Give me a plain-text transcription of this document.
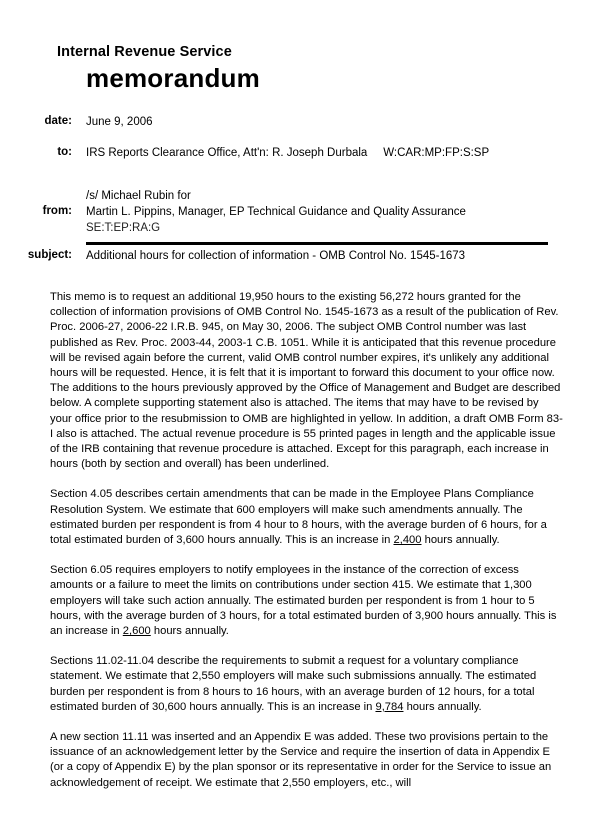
Internal Revenue Service
memorandum
date: June 9, 2006
to: IRS Reports Clearance Office, Att'n: R. Joseph Durbala     W:CAR:MP:FP:S:SP
from:
/s/ Michael Rubin for
Martin L. Pippins, Manager, EP Technical Guidance and Quality Assurance
SE:T:EP:RA:G
subject: Additional hours for collection of information - OMB Control No. 1545-1673

This memo is to request an additional 19,950 hours to the existing 56,272 hours granted for the collection of information provisions of OMB Control No. 1545-1673 as a result of the publication of Rev. Proc. 2006-27, 2006-22 I.R.B. 945, on May 30, 2006. The subject OMB Control number was last published as Rev. Proc. 2003-44, 2003-1 C.B. 1051. While it is anticipated that this revenue procedure will be revised again before the current, valid OMB control number expires, it's unlikely any additional hours will be requested. Hence, it is felt that it is important to forward this document to your office now. The additions to the hours previously approved by the Office of Management and Budget are described below. A complete supporting statement also is attached. The items that may have to be revised by your office prior to the resubmission to OMB are highlighted in yellow. In addition, a draft OMB Form 83-I also is attached. The actual revenue procedure is 55 printed pages in length and the applicable issue of the IRB containing that revenue procedure is attached. Except for this paragraph, each increase in hours (both by section and overall) has been underlined.

Section 4.05 describes certain amendments that can be made in the Employee Plans Compliance Resolution System. We estimate that 600 employers will make such amendments annually. The estimated burden per respondent is from 4 hour to 8 hours, with the average burden of 6 hours, for a total estimated burden of 3,600 hours annually. This is an increase in 2,400 hours annually.

Section 6.05 requires employers to notify employees in the instance of the correction of excess amounts or a failure to meet the limits on contributions under section 415. We estimate that 1,300 employers will take such action annually. The estimated burden per respondent is from 1 hour to 5 hours, with the average burden of 3 hours, for a total estimated burden of 3,900 hours annually. This is an increase in 2,600 hours annually.

Sections 11.02-11.04 describe the requirements to submit a request for a voluntary compliance statement. We estimate that 2,550 employers will make such submissions annually. The estimated burden per respondent is from 8 hours to 16 hours, with an average burden of 12 hours, for a total estimated burden of 30,600 hours annually. This is an increase in 9,784 hours annually.

A new section 11.11 was inserted and an Appendix E was added. These two provisions pertain to the issuance of an acknowledgement letter by the Service and require the insertion of data in Appendix E (or a copy of Appendix E) by the plan sponsor or its representative in order for the Service to issue an acknowledgement of receipt. We estimate that 2,550 employers, etc., will
